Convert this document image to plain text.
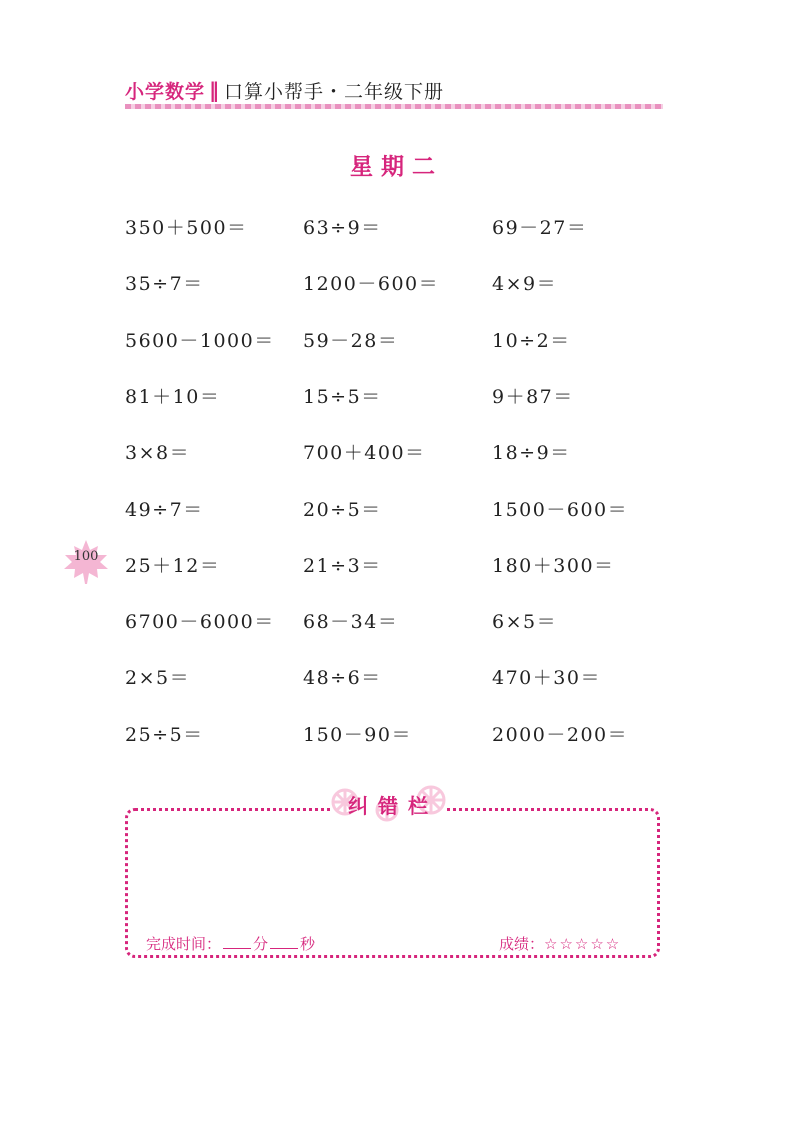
小学数学 ‖ 口算小帮手・二年级下册
星期二
350＋500＝	63÷9＝	69－27＝
35÷7＝	1200－600＝	4×9＝
5600－1000＝ 59－28＝	10÷2＝
81＋10＝	15÷5＝	9＋87＝
3×8＝	700＋400＝	18÷9＝
49÷7＝	20÷5＝	1500－600＝
25＋12＝	21÷3＝	180＋300＝
6700－6000＝ 68－34＝	6×5＝
2×5＝	48÷6＝	470＋30＝
25÷5＝	150－90＝	2000－200＝
100
纠错栏
完成时间： 分 秒	成绩：☆☆☆☆☆
